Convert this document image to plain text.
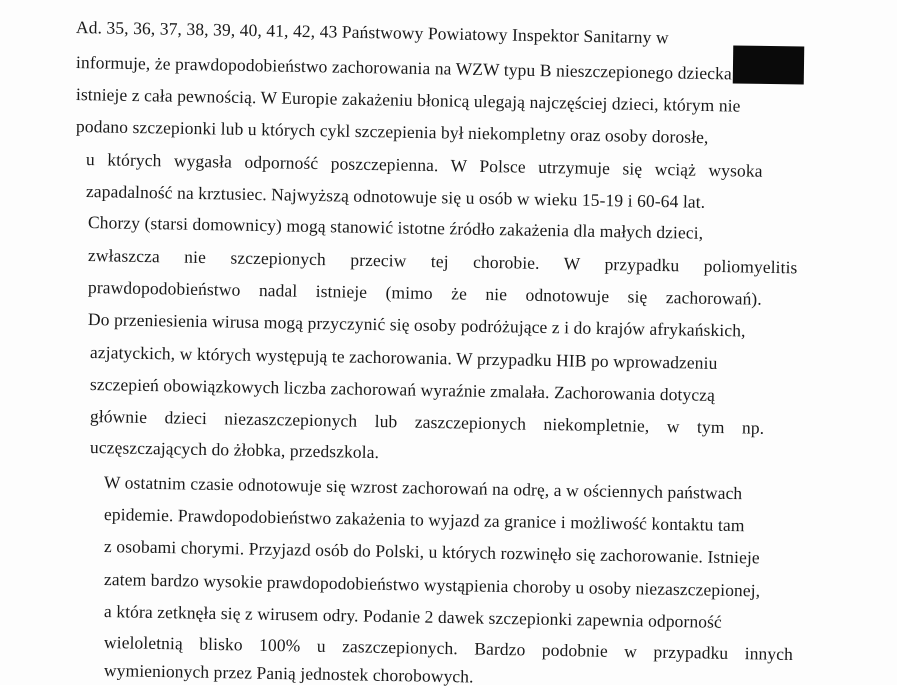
Ad. 35, 36, 37, 38, 39, 40, 41, 42, 43 Państwowy Powiatowy Inspektor Sanitarny w
informuje, że prawdopodobieństwo zachorowania na WZW typu B nieszczepionego dziecka
istnieje z cała pewnością. W Europie zakażeniu błonicą ulegają najczęściej dzieci, którym nie
podano szczepionki lub u których cykl szczepienia był niekompletny oraz osoby dorosłe,
u których wygasła odporność poszczepienna. W Polsce utrzymuje się wciąż wysoka
zapadalność na krztusiec. Najwyższą odnotowuje się u osób w wieku 15-19 i 60-64 lat.
Chorzy (starsi domownicy) mogą stanowić istotne źródło zakażenia dla małych dzieci,
zwłaszcza nie szczepionych przeciw tej chorobie. W przypadku poliomyelitis
prawdopodobieństwo nadal istnieje (mimo że nie odnotowuje się zachorowań).
Do przeniesienia wirusa mogą przyczynić się osoby podróżujące z i do krajów afrykańskich,
azjatyckich, w których występują te zachorowania. W przypadku HIB po wprowadzeniu
szczepień obowiązkowych liczba zachorowań wyraźnie zmalała. Zachorowania dotyczą
głównie dzieci niezaszczepionych lub zaszczepionych niekompletnie, w tym np.
uczęszczających do żłobka, przedszkola.
W ostatnim czasie odnotowuje się wzrost zachorowań na odrę, a w ościennych państwach
epidemie. Prawdopodobieństwo zakażenia to wyjazd za granice i możliwość kontaktu tam
z osobami chorymi. Przyjazd osób do Polski, u których rozwinęło się zachorowanie. Istnieje
zatem bardzo wysokie prawdopodobieństwo wystąpienia choroby u osoby niezaszczepionej,
a która zetknęła się z wirusem odry. Podanie 2 dawek szczepionki zapewnia odporność
wieloletnią blisko 100% u zaszczepionych. Bardzo podobnie w przypadku innych
wymienionych przez Panią jednostek chorobowych.
